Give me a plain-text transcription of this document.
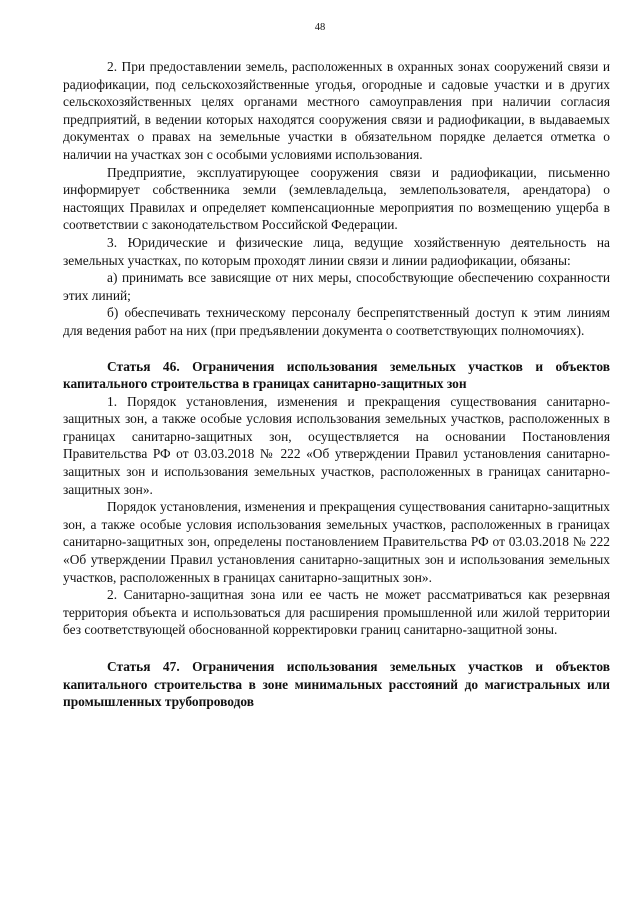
48

2. При предоставлении земель, расположенных в охранных зонах сооружений связи и радиофикации, под сельскохозяйственные угодья, огородные и садовые участки и в других сельскохозяйственных целях органами местного самоуправления при наличии согласия предприятий, в ведении которых находятся сооружения связи и радиофикации, в выдаваемых документах о правах на земельные участки в обязательном порядке делается отметка о наличии на участках зон с особыми условиями использования.

Предприятие, эксплуатирующее сооружения связи и радиофикации, письменно информирует собственника земли (землевладельца, землепользователя, арендатора) о настоящих Правилах и определяет компенсационные мероприятия по возмещению ущерба в соответствии с законодательством Российской Федерации.

3. Юридические и физические лица, ведущие хозяйственную деятельность на земельных участках, по которым проходят линии связи и линии радиофикации, обязаны:

а) принимать все зависящие от них меры, способствующие обеспечению сохранности этих линий;

б) обеспечивать техническому персоналу беспрепятственный доступ к этим линиям для ведения работ на них (при предъявлении документа о соответствующих полномочиях).

Статья 46. Ограничения использования земельных участков и объектов капитального строительства в границах санитарно-защитных зон

1. Порядок установления, изменения и прекращения существования санитарно-защитных зон, а также особые условия использования земельных участков, расположенных в границах санитарно-защитных зон, осуществляется на основании Постановления Правительства РФ от 03.03.2018 № 222 «Об утверждении Правил установления санитарно-защитных зон и использования земельных участков, расположенных в границах санитарно-защитных зон».

Порядок установления, изменения и прекращения существования санитарно-защитных зон, а также особые условия использования земельных участков, расположенных в границах санитарно-защитных зон, определены постановлением Правительства РФ от 03.03.2018 № 222 «Об утверждении Правил установления санитарно-защитных зон и использования земельных участков, расположенных в границах санитарно-защитных зон».

2. Санитарно-защитная зона или ее часть не может рассматриваться как резервная территория объекта и использоваться для расширения промышленной или жилой территории без соответствующей обоснованной корректировки границ санитарно-защитной зоны.

Статья 47. Ограничения использования земельных участков и объектов капитального строительства в зоне минимальных расстояний до магистральных или промышленных трубопроводов
